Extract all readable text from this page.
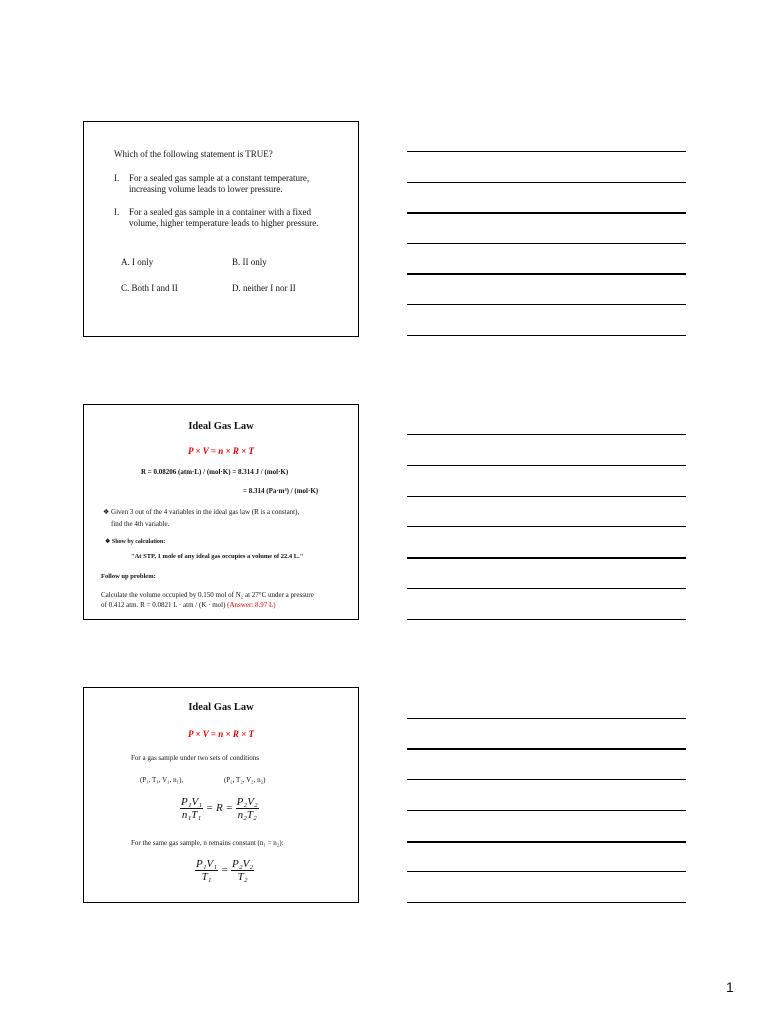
Which of the following statement is TRUE?
I. For a sealed gas sample at a constant temperature,
increasing volume leads to lower pressure.
I. For a sealed gas sample in a container with a fixed
volume, higher temperature leads to higher pressure.
A. I only	B. II only
C. Both I and II	D. neither I nor II
Ideal Gas Law
P × V = n × R × T
R = 0.08206 (atm·L) / (mol·K) = 8.314 J / (mol·K)
= 8.314 (Pa·m³) / (mol·K)
❖ Given 3 out of the 4 variables in the ideal gas law (R is a constant),
find the 4th variable.
❖ Show by calculation:
"At STP, 1 mole of any ideal gas occupies a volume of 22.4 L."
Follow up problem:
Calculate the volume occupied by 0.150 mol of N₂ at 27°C under a pressure
of 0.412 atm. R = 0.0821 L · atm / (K · mol) (Answer: 8.97 L)
Ideal Gas Law
P × V = n × R × T
For a gas sample under two sets of conditions
(P₁, T₁, V₁, n₁),	(P₂, T₂, V₂, n₂)
$\frac{\text{P₁V₁}}{\text{n₁T₁}} = R = \frac{\text{P₂V₂}}{\text{n₂T₂}}$
For the same gas sample, n remains constant (n₁ = n₂):
$\frac{\text{P₁V₁}}{\text{T₁}} = \frac{\text{P₂V₂}}{\text{T₂}}$
1
